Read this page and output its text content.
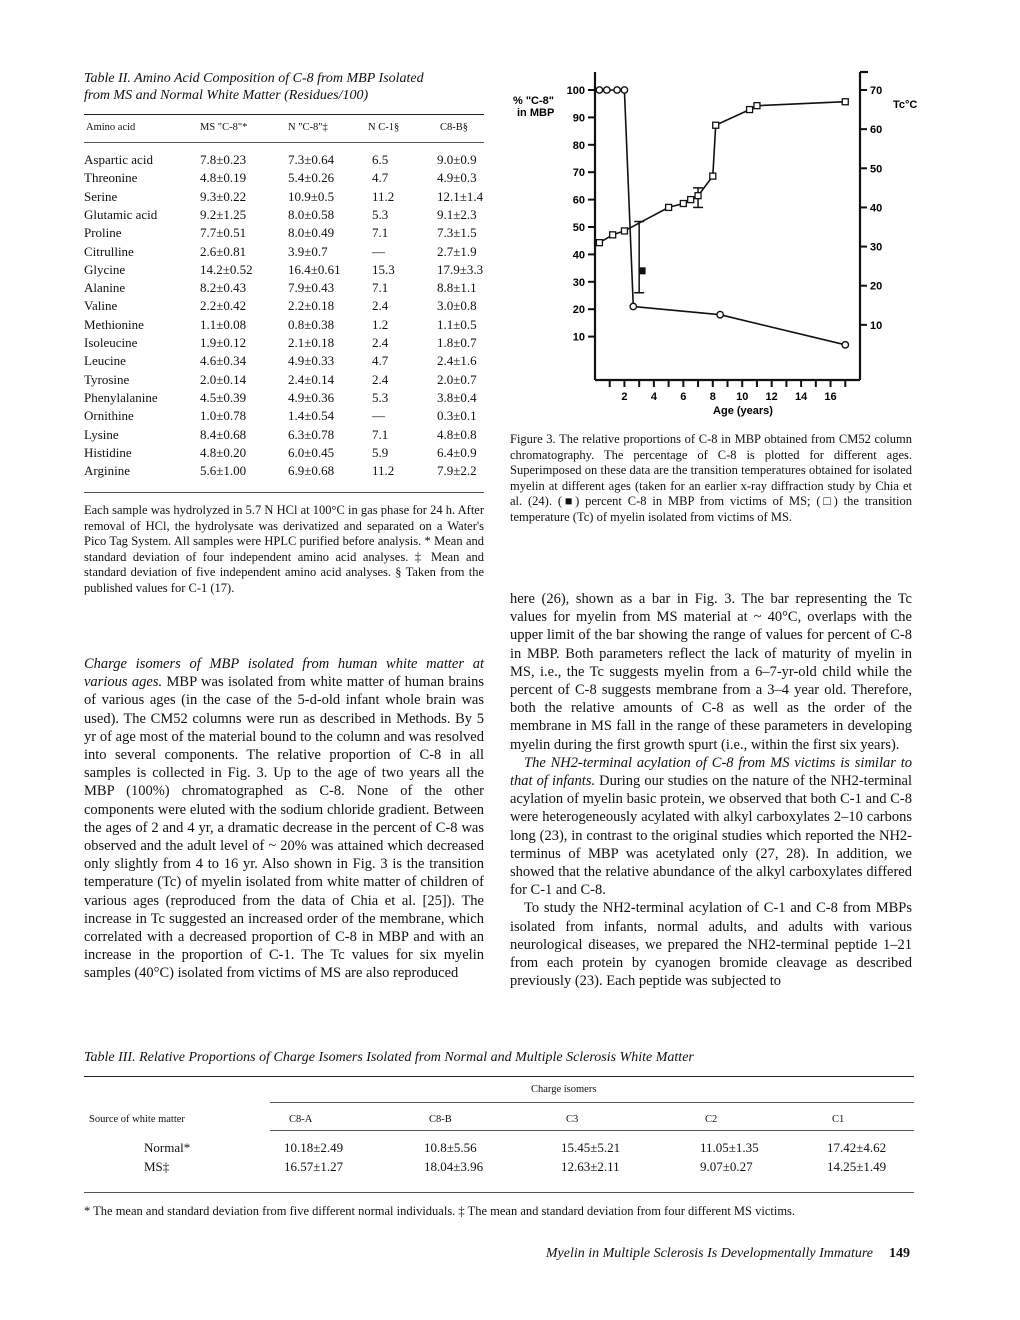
Table II. Amino Acid Composition of C-8 from MBP Isolated
from MS and Normal White Matter (Residues/100)
Amino acid	MS "C-8"*	N "C-8"‡	N C-1§	C8-B§
Aspartic acid	7.8±0.23	7.3±0.64	6.5	9.0±0.9
Threonine	4.8±0.19	5.4±0.26	4.7	4.9±0.3
Serine	9.3±0.22	10.9±0.5	11.2	12.1±1.4
Glutamic acid	9.2±1.25	8.0±0.58	5.3	9.1±2.3
Proline	7.7±0.51	8.0±0.49	7.1	7.3±1.5
Citrulline	2.6±0.81	3.9±0.7	—	2.7±1.9
Glycine	14.2±0.52	16.4±0.61 15.3	17.9±3.3
Alanine	8.2±0.43	7.9±0.43	7.1	8.8±1.1
Valine	2.2±0.42	2.2±0.18	2.4	3.0±0.8
Methionine	1.1±0.08	0.8±0.38	1.2	1.1±0.5
Isoleucine	1.9±0.12	2.1±0.18	2.4	1.8±0.7
Leucine	4.6±0.34	4.9±0.33	4.7	2.4±1.6
Tyrosine	2.0±0.14	2.4±0.14	2.4	2.0±0.7
Phenylalanine	4.5±0.39	4.9±0.36	5.3	3.8±0.4
Ornithine	1.0±0.78	1.4±0.54	—	0.3±0.1
Lysine	8.4±0.68	6.3±0.78	7.1	4.8±0.8
Histidine	4.8±0.20	6.0±0.45	5.9	6.4±0.9
Arginine	5.6±1.00	6.9±0.68	11.2	7.9±2.2
Each sample was hydrolyzed in 5.7 N HCl at 100°C in gas phase for 24 h. After removal of HCl, the hydrolysate was derivatized and separated on a Water's Pico Tag System. All samples were HPLC purified before analysis. * Mean and standard deviation of four independent amino acid analyses. ‡ Mean and standard deviation of five independent amino acid analyses. § Taken from the published values for C-1 (17).
% "C-8"
in MBP
Tc°C
Age (years)
100
90
80
70
60
50
40
30
20
10
70
60
50
40
30
20
10
2 4 6 8 10 12 14 16
Figure 3. The relative proportions of C-8 in MBP obtained from CM52 column chromatography. The percentage of C-8 is plotted for different ages. Superimposed on these data are the transition temperatures obtained for isolated myelin at different ages (taken for an earlier x-ray diffraction study by Chia et al. (24). (■) percent C-8 in MBP from victims of MS; (□) the transition temperature (Tc) of myelin isolated from victims of MS.

Charge isomers of MBP isolated from human white matter at various ages. MBP was isolated from white matter of human brains of various ages (in the case of the 5-d-old infant whole brain was used). The CM52 columns were run as described in Methods. By 5 yr of age most of the material bound to the column and was resolved into several components. The relative proportion of C-8 in all samples is collected in Fig. 3. Up to the age of two years all the MBP (100%) chromatographed as C-8. None of the other components were eluted with the sodium chloride gradient. Between the ages of 2 and 4 yr, a dramatic decrease in the percent of C-8 was observed and the adult level of ~ 20% was attained which decreased only slightly from 4 to 16 yr. Also shown in Fig. 3 is the transition temperature (Tc) of myelin isolated from white matter of children of various ages (reproduced from the data of Chia et al. [25]). The increase in Tc suggested an increased order of the membrane, which correlated with a decreased proportion of C-8 in MBP and with an increase in the proportion of C-1. The Tc values for six myelin samples (40°C) isolated from victims of MS are also reproduced

here (26), shown as a bar in Fig. 3. The bar representing the Tc values for myelin from MS material at ~ 40°C, overlaps with the upper limit of the bar showing the range of values for percent of C-8 in MBP. Both parameters reflect the lack of maturity of myelin in MS, i.e., the Tc suggests myelin from a 6–7-yr-old child while the percent of C-8 suggests membrane from a 3–4 year old. Therefore, both the relative amounts of C-8 as well as the order of the membrane in MS fall in the range of these parameters in developing myelin during the first growth spurt (i.e., within the first six years).

The NH2-terminal acylation of C-8 from MS victims is similar to that of infants. During our studies on the nature of the NH2-terminal acylation of myelin basic protein, we observed that both C-1 and C-8 were heterogeneously acylated with alkyl carboxylates 2–10 carbons long (23), in contrast to the original studies which reported the NH2-terminus of MBP was acetylated only (27, 28). In addition, we showed that the relative abundance of the alkyl carboxylates differed for C-1 and C-8.

To study the NH2-terminal acylation of C-1 and C-8 from MBPs isolated from infants, normal adults, and adults with various neurological diseases, we prepared the NH2-terminal peptide 1–21 from each protein by cyanogen bromide cleavage as described previously (23). Each peptide was subjected to

Table III. Relative Proportions of Charge Isomers Isolated from Normal and Multiple Sclerosis White Matter
Charge isomers
Source of white matter	C8-A	C8-B	C3	C2	C1
Normal*	10.18±2.49	10.8±5.56	15.45±5.21	11.05±1.35	17.42±4.62
MS‡	16.57±1.27	18.04±3.96	12.63±2.11	9.07±0.27	14.25±1.49
* The mean and standard deviation from five different normal individuals. ‡ The mean and standard deviation from four different MS victims.
Myelin in Multiple Sclerosis Is Developmentally Immature 149
